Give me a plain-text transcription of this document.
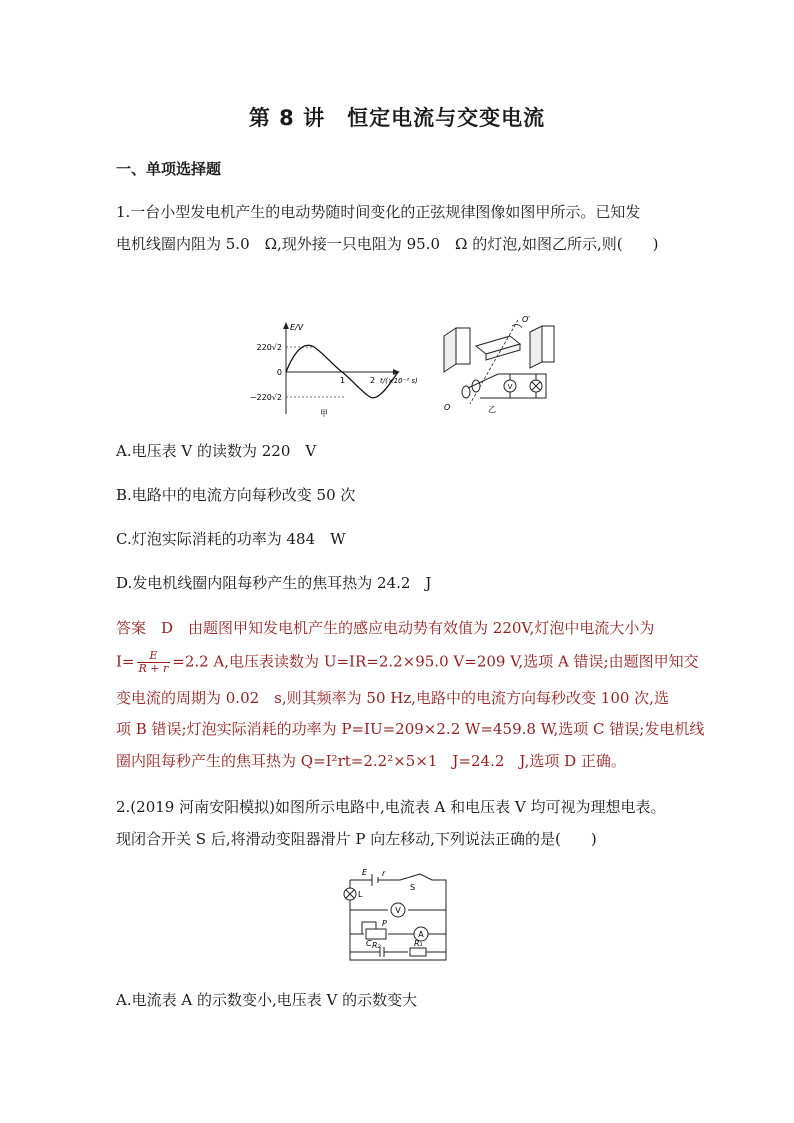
第 8 讲　恒定电流与交变电流
一、单项选择题
1.一台小型发电机产生的电动势随时间变化的正弦规律图像如图甲所示。已知发
电机线圈内阻为 5.0　Ω,现外接一只电阻为 95.0　Ω 的灯泡,如图乙所示,则(　　)
E/V
220√2
0
−220√2
1	2 t/(×10⁻² s)
甲
V
O′
O	乙
A.电压表 V 的读数为 220　V
B.电路中的电流方向每秒改变 50 次
C.灯泡实际消耗的功率为 484　W
D.发电机线圈内阻每秒产生的焦耳热为 24.2　J
答案　D　由题图甲知发电机产生的感应电动势有效值为 220V,灯泡中电流大小为
$I= \frac{E}{R + r} =2.2$ A,电压表读数为 U=IR=2.2×95.0 V=209 V,选项 A 错误;由题图甲知交
变电流的周期为 0.02　s,则其频率为 50 Hz,电路中的电流方向每秒改变 100 次,选
项 B 错误;灯泡实际消耗的功率为 P=IU=209×2.2 W=459.8 W,选项 C 错误;发电机线
圈内阻每秒产生的焦耳热为 Q=I²rt=2.2²×5×1　J=24.2　J,选项 D 正确。
2.(2019 河南安阳模拟)如图所示电路中,电流表 A 和电压表 V 均可视为理想电表。
现闭合开关 S 后,将滑动变阻器滑片 P 向左移动,下列说法正确的是(　　)
E r
S
L
V
P
A
R₂
C	R₁
A.电流表 A 的示数变小,电压表 V 的示数变大
